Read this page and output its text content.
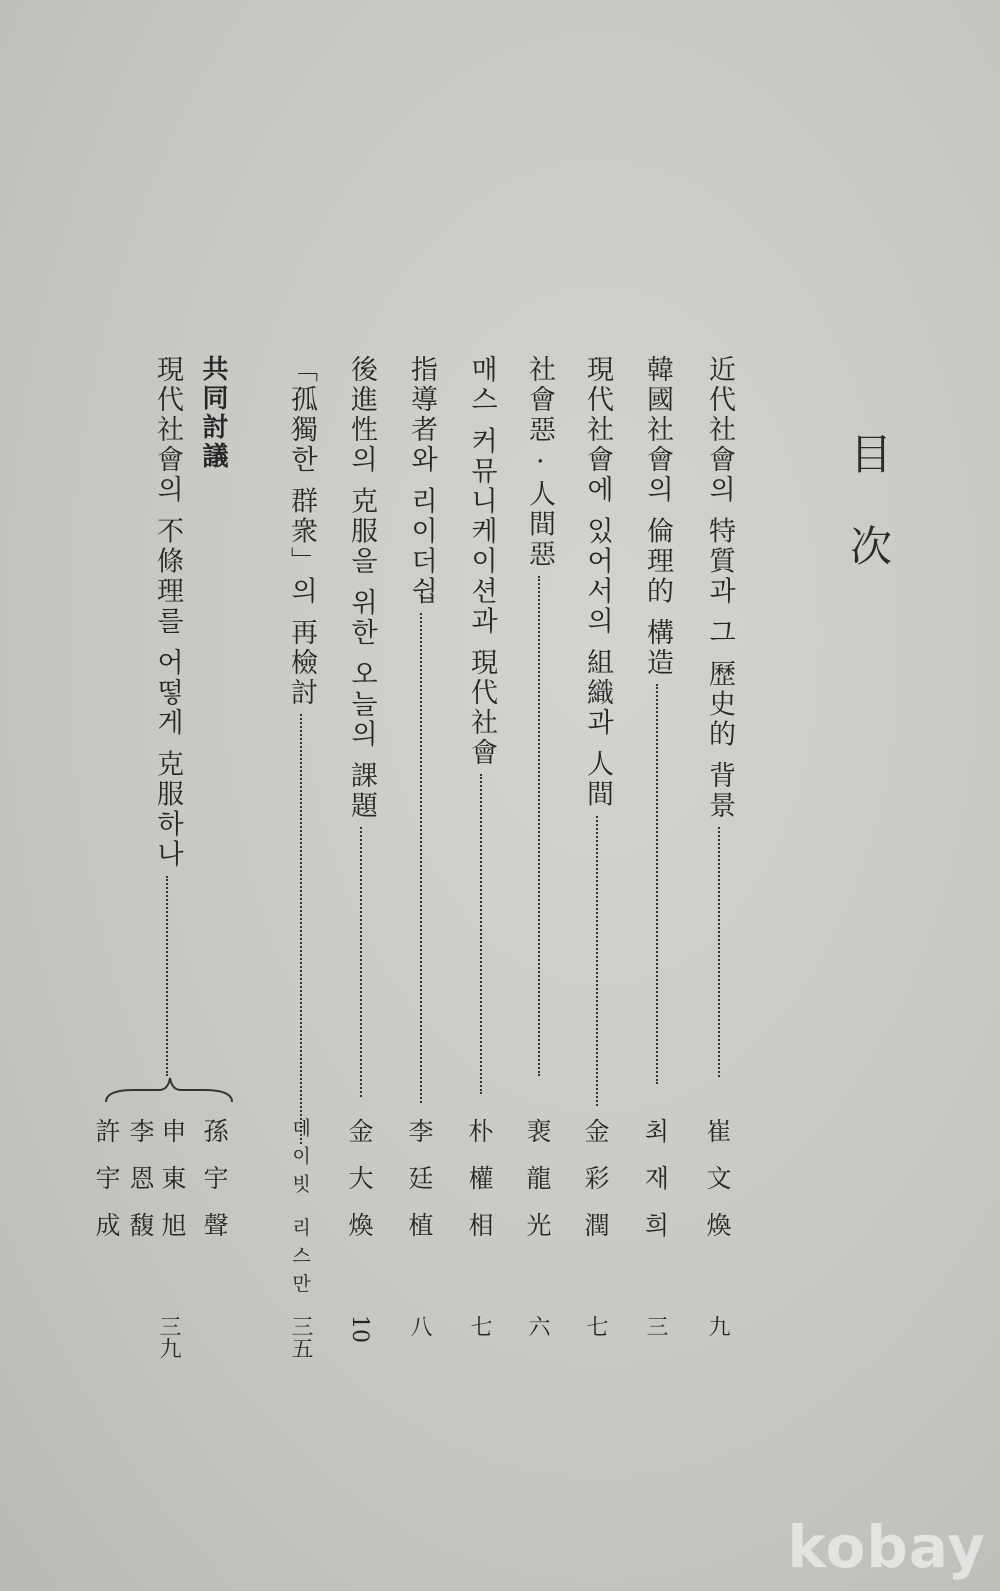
目次
近代社會의 特質과 그 歷史的 背景
韓國社會의 倫理的 構造
現代社會에 있어서의 組織과 人間
社會惡 · 人間惡
매스 커뮤니케이션과 現代社會
指導者와 리이더쉽
後進性의 克服을 위한 오늘의 課題
「孤獨한 群衆」의 再檢討
共同討議
現代社會의 不條理를 어떻게 克服하나
崔文煥
최재희
金彩潤
裵龍光
朴權相
李廷植
金大煥
데이빗 리스만
九
三
七
六
七
八
10
三五
孫宇聲
申東旭
李恩馥
許宇成
三九
kobay
